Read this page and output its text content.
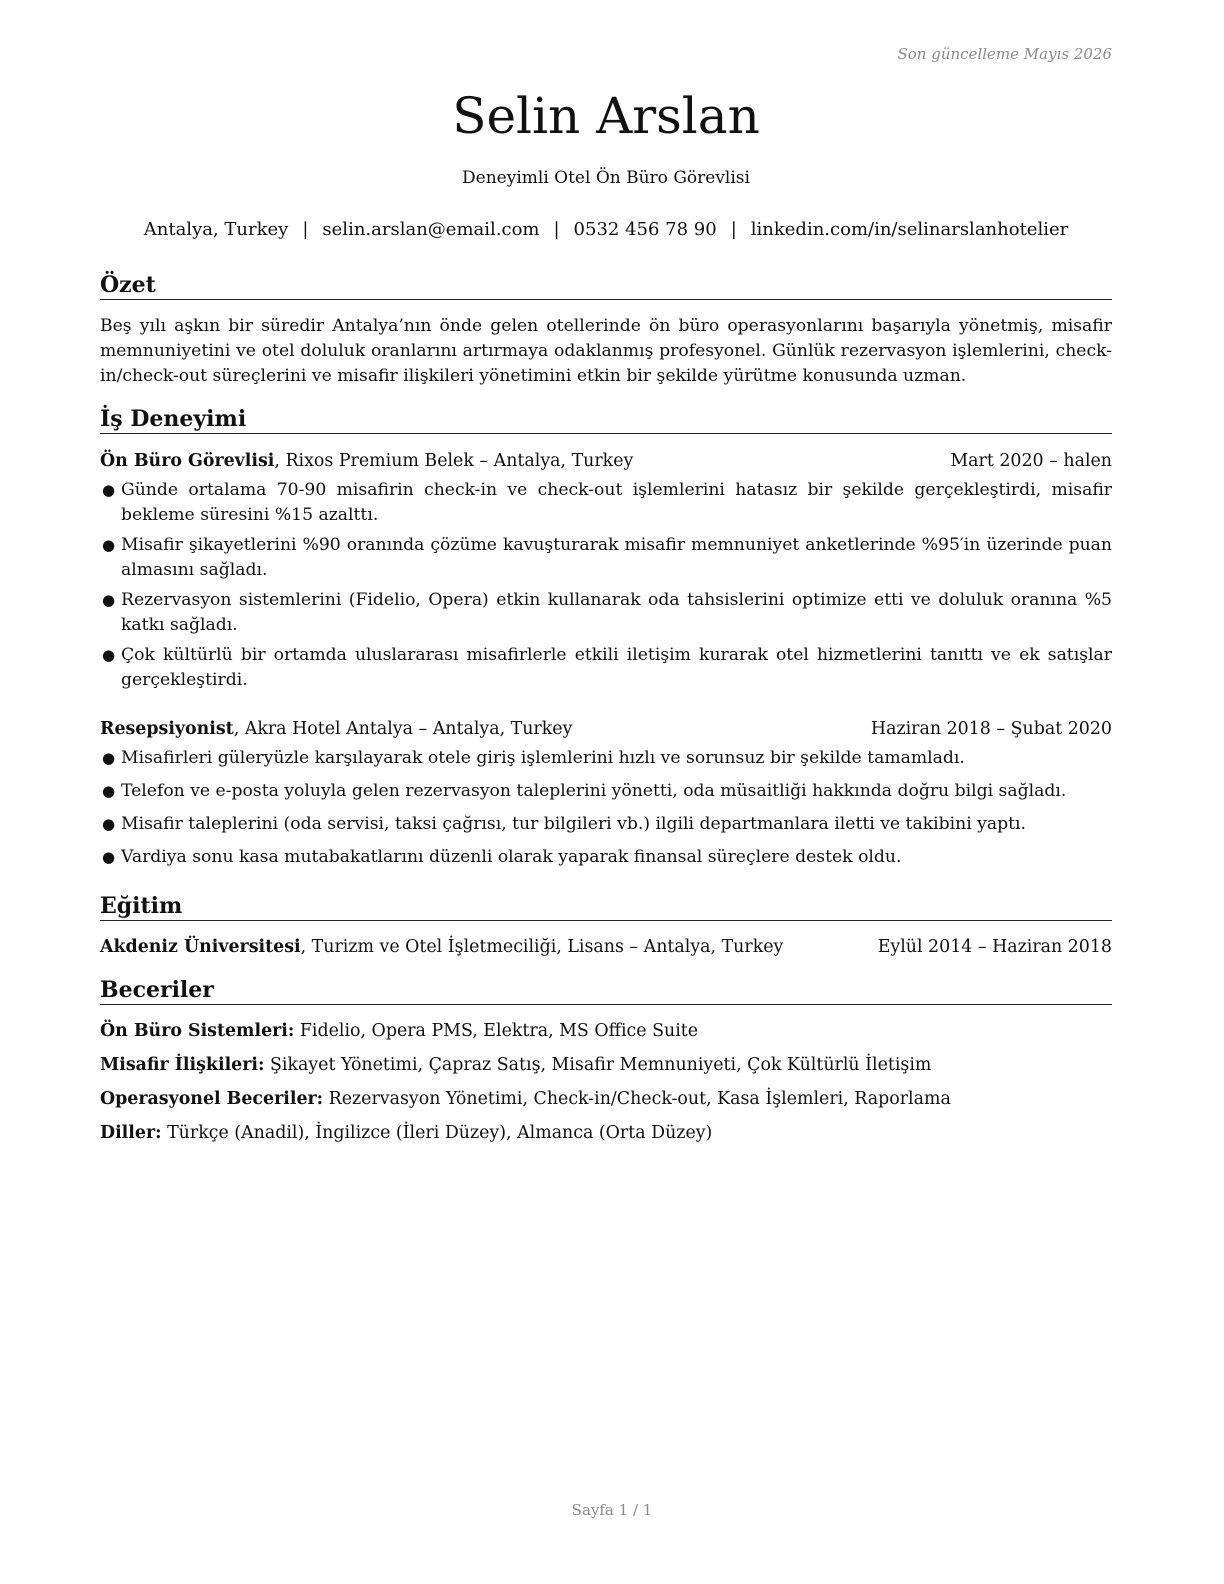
Son güncelleme Mayıs 2026
Selin Arslan
Deneyimli Otel Ön Büro Görevlisi
Antalya, Turkey | selin.arslan@email.com | 0532 456 78 90 | linkedin.com/in/selinarslanhotelier
Özet
Beş yılı aşkın bir süredir Antalya’nın önde gelen otellerinde ön büro operasyonlarını başarıyla yönetmiş, misafir memnuniyetini ve otel doluluk oranlarını artırmaya odaklanmış profesyonel. Günlük rezervasyon işlemlerini, check-in/check-out süreçlerini ve misafir ilişkileri yönetimini etkin bir şekilde yürütme konusunda uzman.
İş Deneyimi
Ön Büro Görevlisi, Rixos Premium Belek – Antalya, Turkey	Mart 2020 – halen
● Günde ortalama 70-90 misafirin check-in ve check-out işlemlerini hatasız bir şekilde gerçekleştirdi, misafir bekleme süresini %15 azalttı.
● Misafir şikayetlerini %90 oranında çözüme kavuşturarak misafir memnuniyet anketlerinde %95′in üzerinde puan almasını sağladı.
● Rezervasyon sistemlerini (Fidelio, Opera) etkin kullanarak oda tahsislerini optimize etti ve doluluk oranına %5 katkı sağladı.
● Çok kültürlü bir ortamda uluslararası misafirlerle etkili iletişim kurarak otel hizmetlerini tanıttı ve ek satışlar gerçekleştirdi.
Resepsiyonist, Akra Hotel Antalya – Antalya, Turkey	Haziran 2018 – Şubat 2020
● Misafirleri güleryüzle karşılayarak otele giriş işlemlerini hızlı ve sorunsuz bir şekilde tamamladı.
● Telefon ve e-posta yoluyla gelen rezervasyon taleplerini yönetti, oda müsaitliği hakkında doğru bilgi sağladı.
● Misafir taleplerini (oda servisi, taksi çağrısı, tur bilgileri vb.) ilgili departmanlara iletti ve takibini yaptı.
● Vardiya sonu kasa mutabakatlarını düzenli olarak yaparak finansal süreçlere destek oldu.
Eğitim
Akdeniz Üniversitesi, Turizm ve Otel İşletmeciliği, Lisans – Antalya, Turkey	Eylül 2014 – Haziran 2018
Beceriler
Ön Büro Sistemleri: Fidelio, Opera PMS, Elektra, MS Office Suite
Misafir İlişkileri: Şikayet Yönetimi, Çapraz Satış, Misafir Memnuniyeti, Çok Kültürlü İletişim
Operasyonel Beceriler: Rezervasyon Yönetimi, Check-in/Check-out, Kasa İşlemleri, Raporlama
Diller: Türkçe (Anadil), İngilizce (İleri Düzey), Almanca (Orta Düzey)
Sayfa 1 / 1
